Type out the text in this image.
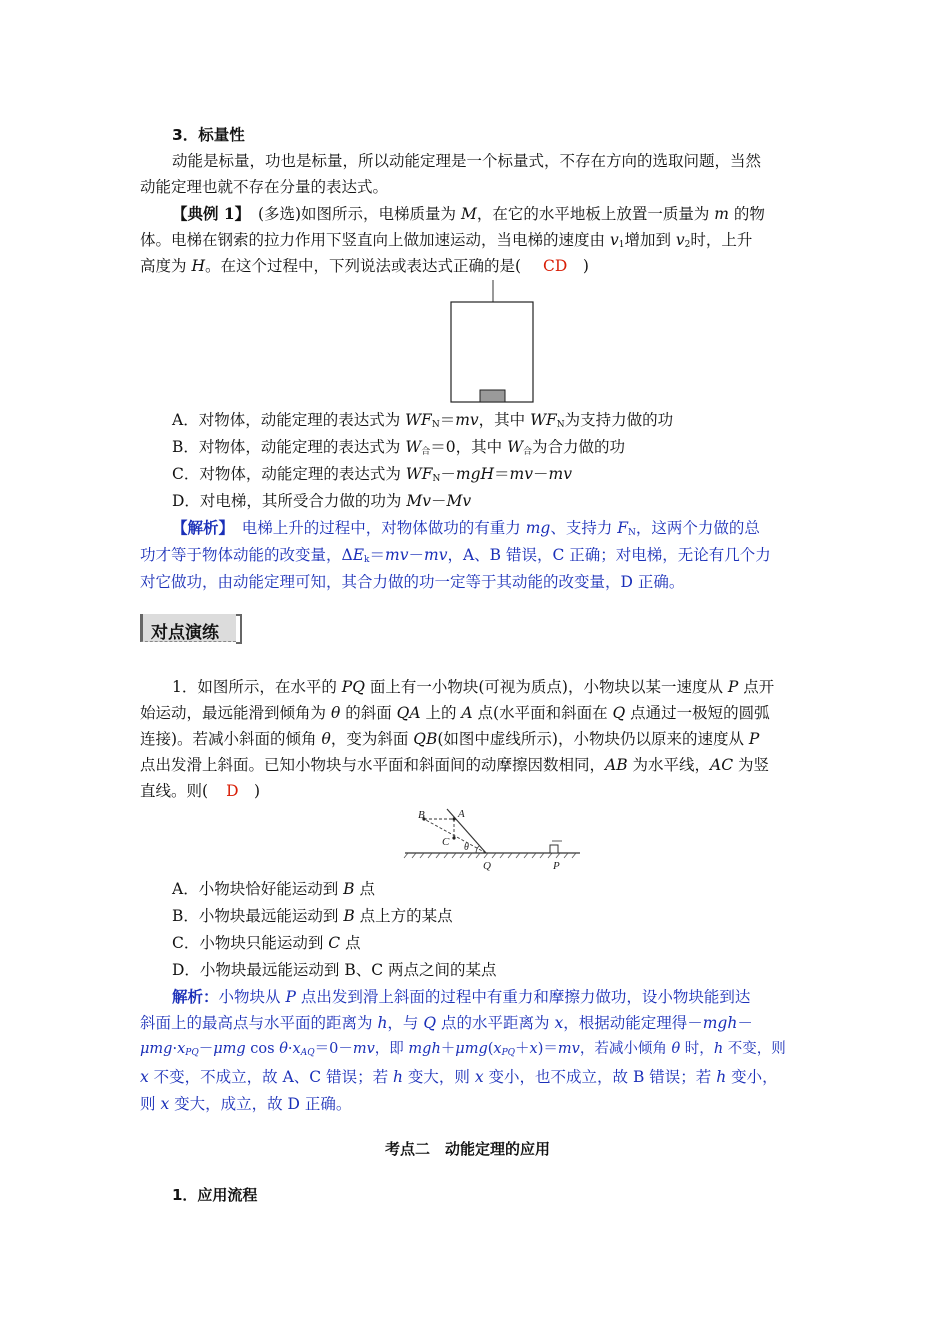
3．标量性
动能是标量，功也是标量，所以动能定理是一个标量式，不存在方向的选取问题，当然
动能定理也就不存在分量的表达式。
【典例 1】　(多选)如图所示，电梯质量为 M，在它的水平地板上放置一质量为 m 的物
体。电梯在钢索的拉力作用下竖直向上做加速运动，当电梯的速度由 $v_1$增加到 $v_2$时，上升
高度为 H。在这个过程中，下列说法或表达式正确的是( CD　)
A．对物体，动能定理的表达式为 $WF_N=mv$，其中 $WF_N$为支持力做的功
B．对物体，动能定理的表达式为 $W_合=0$，其中 $W_合$为合力做的功
C．对物体，动能定理的表达式为 $WF_N-mgH=mv-mv$
D．对电梯，其所受合力做的功为 Mv－Mv
【解析】　电梯上升的过程中，对物体做功的有重力 mg、支持力 $F_N$，这两个力做的总
功才等于物体动能的改变量，$\Delta E_k=mv-mv$，A、B 错误，C 正确；对电梯，无论有几个力
对它做功，由动能定理可知，其合力做的功一定等于其动能的改变量，D 正确。
对点演练
1．如图所示，在水平的 PQ 面上有一小物块(可视为质点)，小物块以某一速度从 P 点开
始运动，最远能滑到倾角为 θ 的斜面 QA 上的 A 点(水平面和斜面在 Q 点通过一极短的圆弧
连接)。若减小斜面的倾角 θ，变为斜面 QB(如图中虚线所示)，小物块仍以原来的速度从 P
点出发滑上斜面。已知小物块与水平面和斜面间的动摩擦因数相同，AB 为水平线，AC 为竖
直线。则( D　)
B	A
C θ
Q	P
A．小物块恰好能运动到 B 点
B．小物块最远能运动到 B 点上方的某点
C．小物块只能运动到 C 点
D．小物块最远能运动到 B、C 两点之间的某点
解析：小物块从 P 点出发到滑上斜面的过程中有重力和摩擦力做功，设小物块能到达
斜面上的最高点与水平面的距离为 h，与 Q 点的水平距离为 x，根据动能定理得－mgh－
$\mu mg\cdot x_{PQ}-\mu mg$ $\cos \theta\cdot x_{AQ}=0-mv$，即 $mgh+\mu mg(x_{PQ}+x)=mv$，若减小倾角 θ 时，h 不变，则
x 不变，不成立，故 A、C 错误；若 h 变大，则 x 变小，也不成立，故 B 错误；若 h 变小，
则 x 变大，成立，故 D 正确。
考点二　动能定理的应用
1．应用流程
